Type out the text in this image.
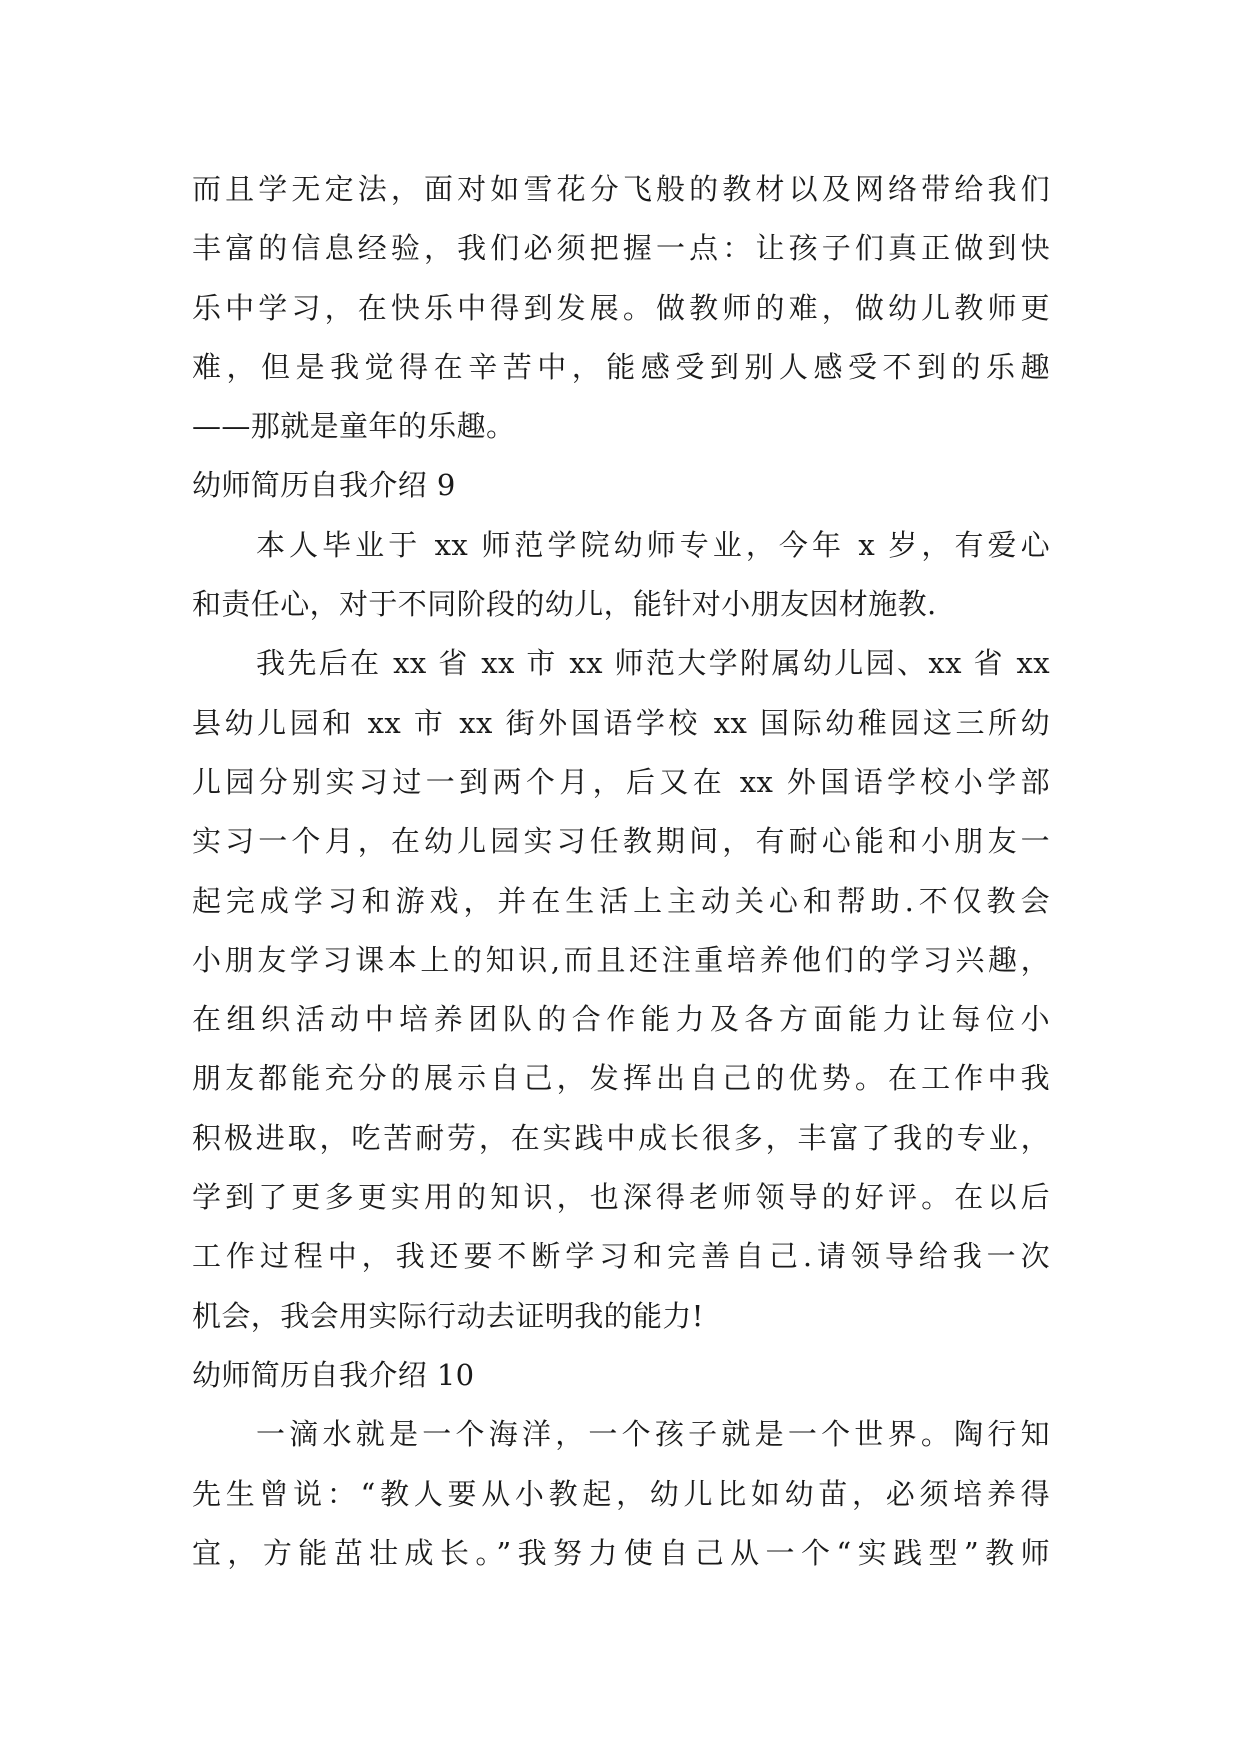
而且学无定法，面对如雪花分飞般的教材以及网络带给我们
丰富的信息经验，我们必须把握一点：让孩子们真正做到快
乐中学习，在快乐中得到发展。做教师的难，做幼儿教师更
难，但是我觉得在辛苦中，能感受到别人感受不到的乐趣
——那就是童年的乐趣。
幼师简历自我介绍 9
本人毕业于 xx 师范学院幼师专业，今年 x 岁，有爱心
和责任心，对于不同阶段的幼儿，能针对小朋友因材施教.
我先后在 xx 省 xx 市 xx 师范大学附属幼儿园、xx 省 xx
县幼儿园和 xx 市 xx 街外国语学校 xx 国际幼稚园这三所幼
儿园分别实习过一到两个月，后又在 xx 外国语学校小学部
实习一个月，在幼儿园实习任教期间，有耐心能和小朋友一
起完成学习和游戏，并在生活上主动关心和帮助.不仅教会
小朋友学习课本上的知识,而且还注重培养他们的学习兴趣，
在组织活动中培养团队的合作能力及各方面能力让每位小
朋友都能充分的展示自己，发挥出自己的优势。在工作中我
积极进取，吃苦耐劳，在实践中成长很多，丰富了我的专业，
学到了更多更实用的知识，也深得老师领导的好评。在以后
工作过程中，我还要不断学习和完善自己.请领导给我一次
机会，我会用实际行动去证明我的能力!
幼师简历自我介绍 10
一滴水就是一个海洋，一个孩子就是一个世界。陶行知
先生曾说：“教人要从小教起，幼儿比如幼苗，必须培养得
宜，方能茁壮成长。”我努力使自己从一个“实践型”教师
